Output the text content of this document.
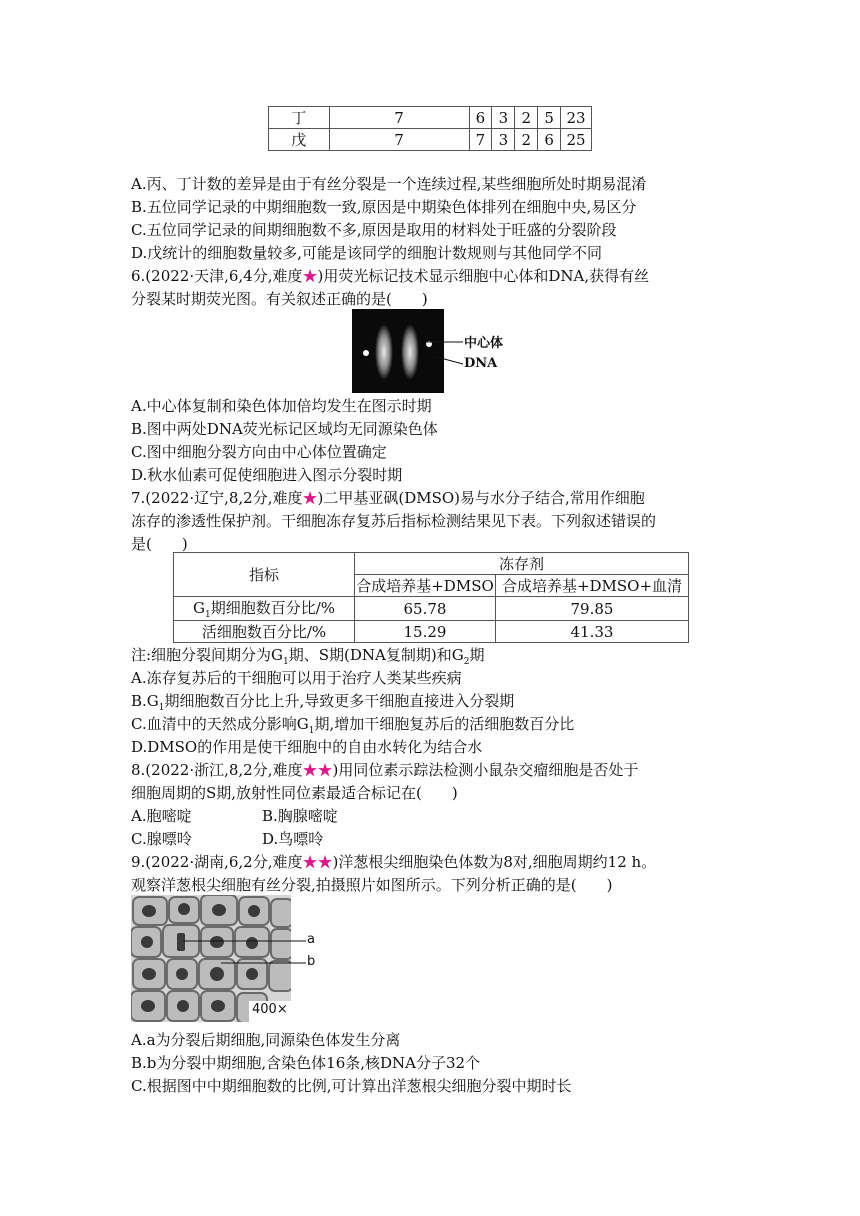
丁	7	6	3	2	5	23
戊	7	7	3	2	6	25
A.丙、丁计数的差异是由于有丝分裂是一个连续过程,某些细胞所处时期易混淆
B.五位同学记录的中期细胞数一致,原因是中期染色体排列在细胞中央,易区分
C.五位同学记录的间期细胞数不多,原因是取用的材料处于旺盛的分裂阶段
D.戊统计的细胞数量较多,可能是该同学的细胞计数规则与其他同学不同
6.(2022·天津,6,4分,难度★)用荧光标记技术显示细胞中心体和DNA,获得有丝
分裂某时期荧光图。有关叙述正确的是(　　)
中心体
DNA
A.中心体复制和染色体加倍均发生在图示时期
B.图中两处DNA荧光标记区域均无同源染色体
C.图中细胞分裂方向由中心体位置确定
D.秋水仙素可促使细胞进入图示分裂时期
7.(2022·辽宁,8,2分,难度★)二甲基亚砜(DMSO)易与水分子结合,常用作细胞
冻存的渗透性保护剂。干细胞冻存复苏后指标检测结果见下表。下列叙述错误的
是(　　)
指标	冻存剂	
	合成培养基+DMSO	合成培养基+DMSO+血清
$G_1$期细胞数百分比/%	65.78	79.85
活细胞数百分比/%	15.29	41.33
注:细胞分裂间期分为$G_1$期、S期(DNA复制期)和$G_2$期
A.冻存复苏后的干细胞可以用于治疗人类某些疾病
$B.G_1$期细胞数百分比上升,导致更多干细胞直接进入分裂期
C.血清中的天然成分影响$G_1$期,增加干细胞复苏后的活细胞数百分比
D.DMSO的作用是使干细胞中的自由水转化为结合水
8.(2022·浙江,8,2分,难度★★)用同位素示踪法检测小鼠杂交瘤细胞是否处于
细胞周期的S期,放射性同位素最适合标记在(　　)
A.胞嘧啶	B.胸腺嘧啶
C.腺嘌呤	D.鸟嘌呤
9.(2022·湖南,6,2分,难度★★)洋葱根尖细胞染色体数为8对,细胞周期约12 h。
观察洋葱根尖细胞有丝分裂,拍摄照片如图所示。下列分析正确的是(　　)
400×
a
b
A.a为分裂后期细胞,同源染色体发生分离
B.b为分裂中期细胞,含染色体16条,核DNA分子32个
C.根据图中中期细胞数的比例,可计算出洋葱根尖细胞分裂中期时长
